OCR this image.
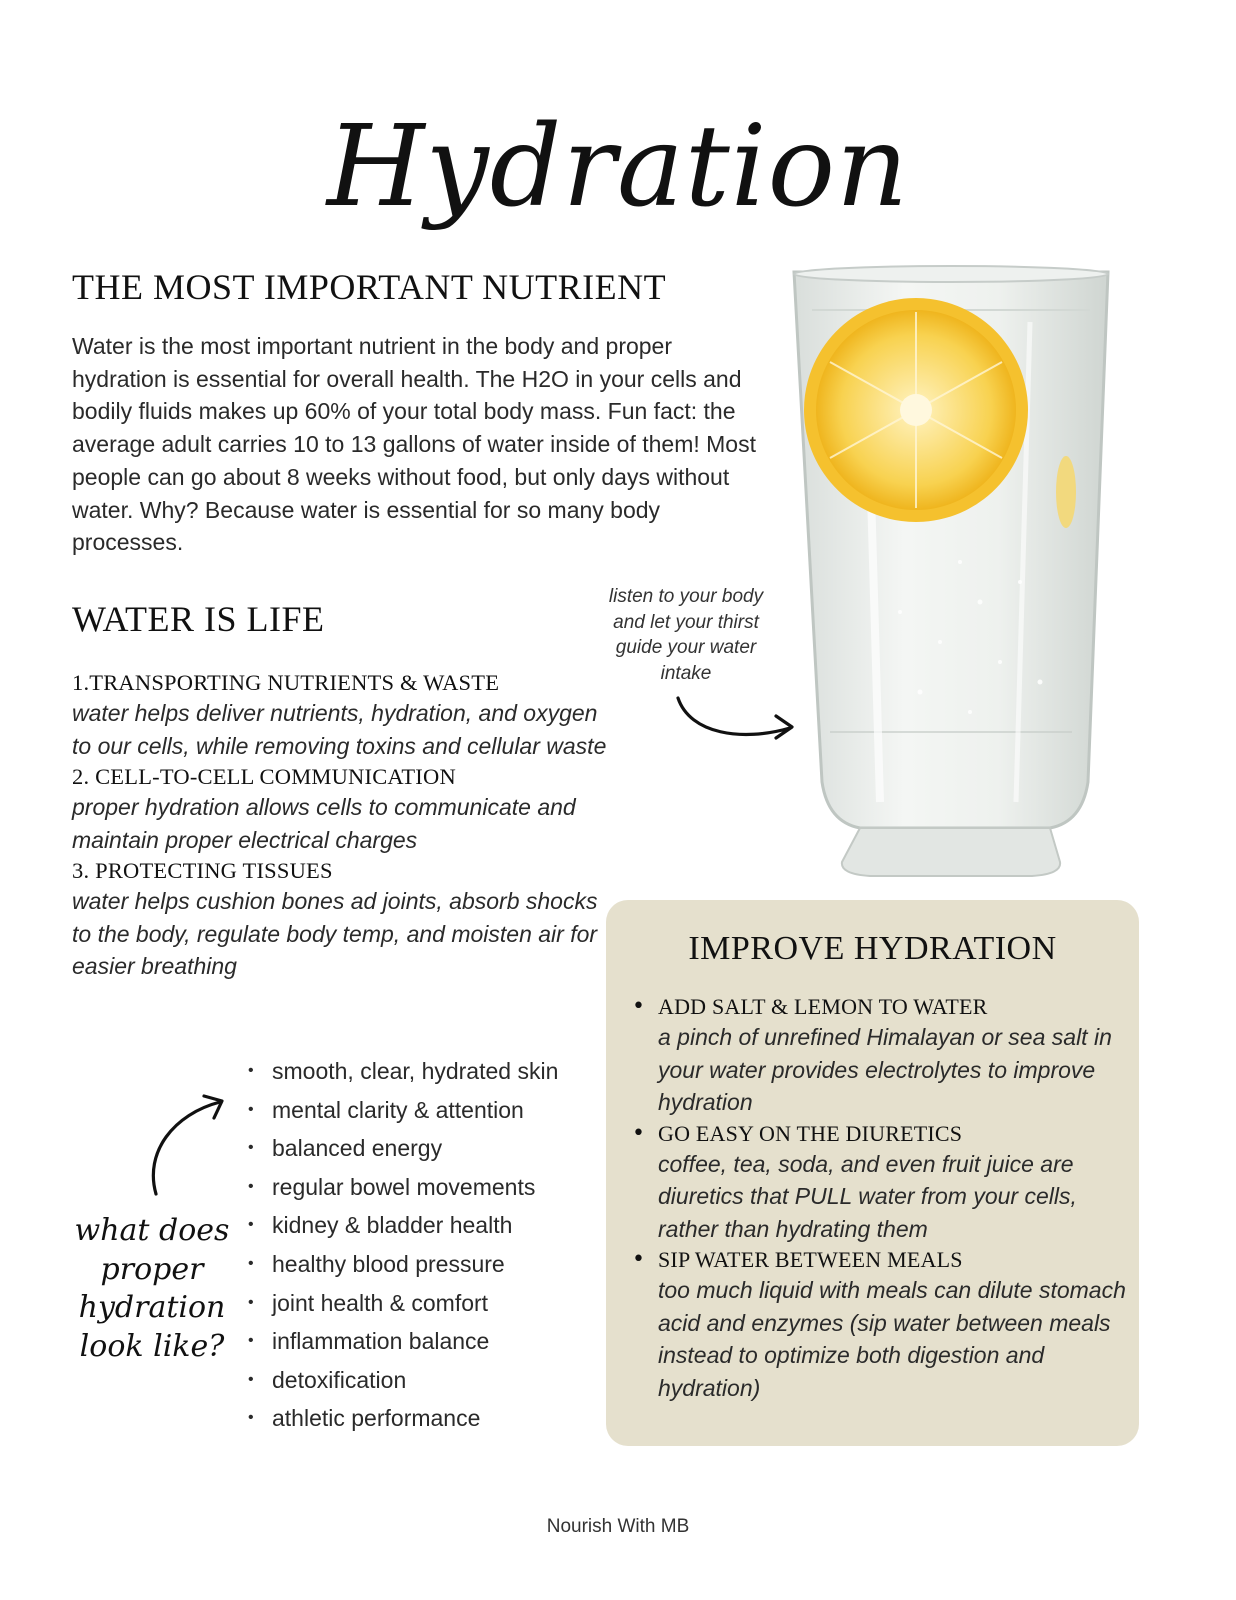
Hydration
THE MOST IMPORTANT NUTRIENT

Water is the most important nutrient in the body and proper hydration is essential for overall health. The H2O in your cells and bodily fluids makes up 60% of your total body mass. Fun fact: the average adult carries 10 to 13 gallons of water inside of them! Most people can go about 8 weeks without food, but only days without water. Why? Because water is essential for so many body processes.

WATER IS LIFE
1.TRANSPORTING NUTRIENTS & WASTE
water helps deliver nutrients, hydration, and oxygen to our cells, while removing toxins and cellular waste
2. CELL-TO-CELL COMMUNICATION
proper hydration allows cells to communicate and maintain proper electrical charges
3. PROTECTING TISSUES
water helps cushion bones ad joints, absorb shocks to the body, regulate body temp, and moisten air for easier breathing
listen to your body and let your thirst guide your water intake
• smooth, clear, hydrated skin
• mental clarity & attention
• balanced energy
• regular bowel movements
• kidney & bladder health
• healthy blood pressure
• joint health & comfort
• inflammation balance
• detoxification
• athletic performance
what does proper hydration look like?
IMPROVE HYDRATION
• ADD SALT & LEMON TO WATER
a pinch of unrefined Himalayan or sea salt in your water provides electrolytes to improve hydration
• GO EASY ON THE DIURETICS
coffee, tea, soda, and even fruit juice are diuretics that PULL water from your cells, rather than hydrating them
• SIP WATER BETWEEN MEALS
too much liquid with meals can dilute stomach acid and enzymes (sip water between meals instead to optimize both digestion and hydration)
Nourish With MB
